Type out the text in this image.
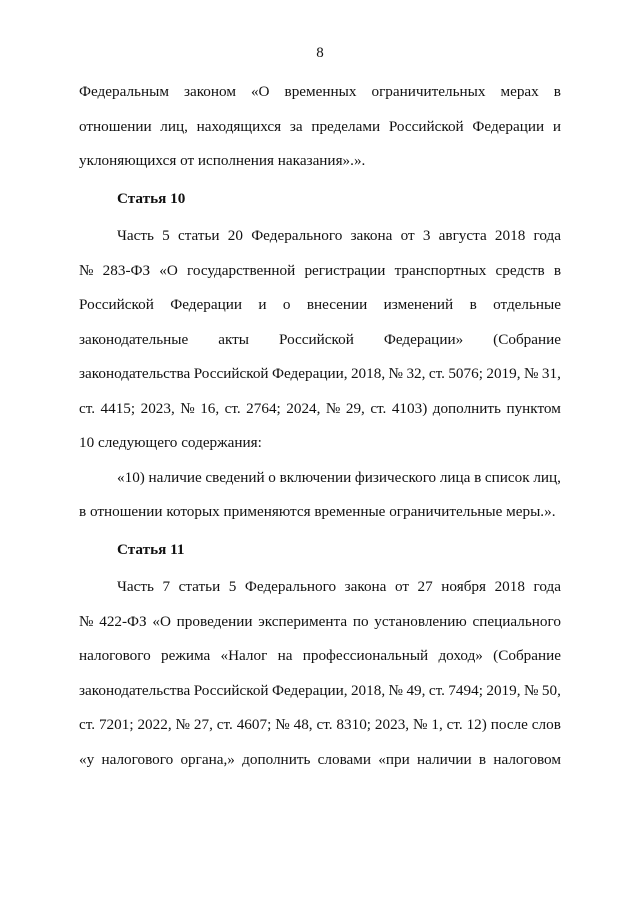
8
Федеральным законом «О временных ограничительных мерах в
отношении лиц, находящихся за пределами Российской Федерации и
уклоняющихся от исполнения наказания».».
Статья 10
Часть 5 статьи 20 Федерального закона от 3 августа 2018 года
№ 283-ФЗ «О государственной регистрации транспортных средств в
Российской Федерации и о внесении изменений в отдельные
законодательные акты Российской Федерации» (Собрание
законодательства Российской Федерации, 2018, № 32, ст. 5076; 2019, № 31,
ст. 4415; 2023, № 16, ст. 2764; 2024, № 29, ст. 4103) дополнить пунктом
10 следующего содержания:
«10) наличие сведений о включении физического лица в список лиц,
в отношении которых применяются временные ограничительные меры.».
Статья 11
Часть 7 статьи 5 Федерального закона от 27 ноября 2018 года
№ 422-ФЗ «О проведении эксперимента по установлению специального
налогового режима «Налог на профессиональный доход» (Собрание
законодательства Российской Федерации, 2018, № 49, ст. 7494; 2019, № 50,
ст. 7201; 2022, № 27, ст. 4607; № 48, ст. 8310; 2023, № 1, ст. 12) после слов
«у налогового органа,» дополнить словами «при наличии в налоговом
